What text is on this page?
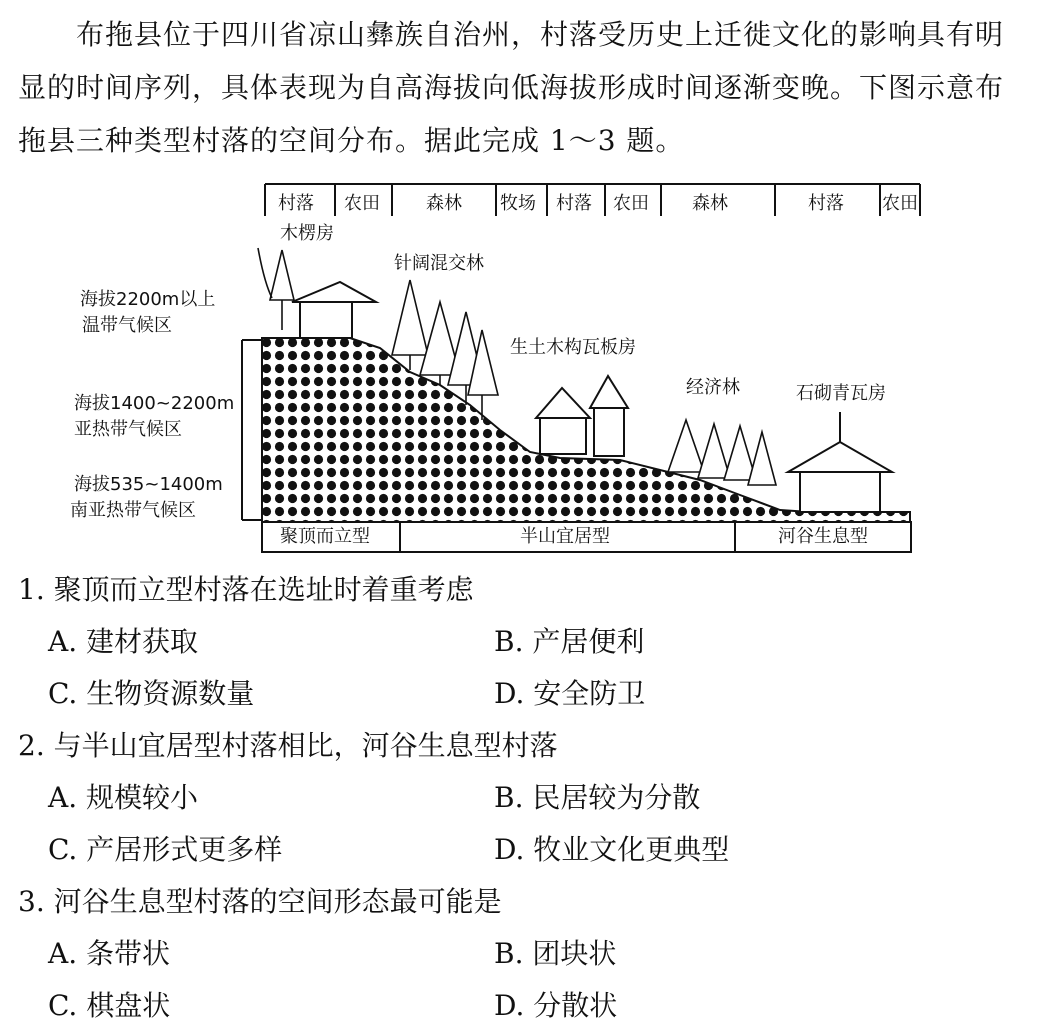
布拖县位于四川省凉山彝族自治州，村落受历史上迁徙文化的影响具有明显的时间序列，具体表现为自高海拔向低海拔形成时间逐渐变晚。下图示意布拖县三种类型村落的空间分布。据此完成 1～3 题。

村落 农田	森林 牧场 村落 农田 森林	村落 农田
海拔2200m以上
温带气候区
海拔1400~2200m
亚热带气候区
海拔535~1400m
南亚热带气候区
木楞房
针阔混交林
生土木构瓦板房
经济林	石砌青瓦房
聚顶而立型	半山宜居型	河谷生息型
1. 聚顶而立型村落在选址时着重考虑
A. 建材获取	B. 产居便利
C. 生物资源数量	D. 安全防卫
2. 与半山宜居型村落相比，河谷生息型村落
A. 规模较小	B. 民居较为分散
C. 产居形式更多样	D. 牧业文化更典型
3. 河谷生息型村落的空间形态最可能是
A. 条带状	B. 团块状
C. 棋盘状	D. 分散状
